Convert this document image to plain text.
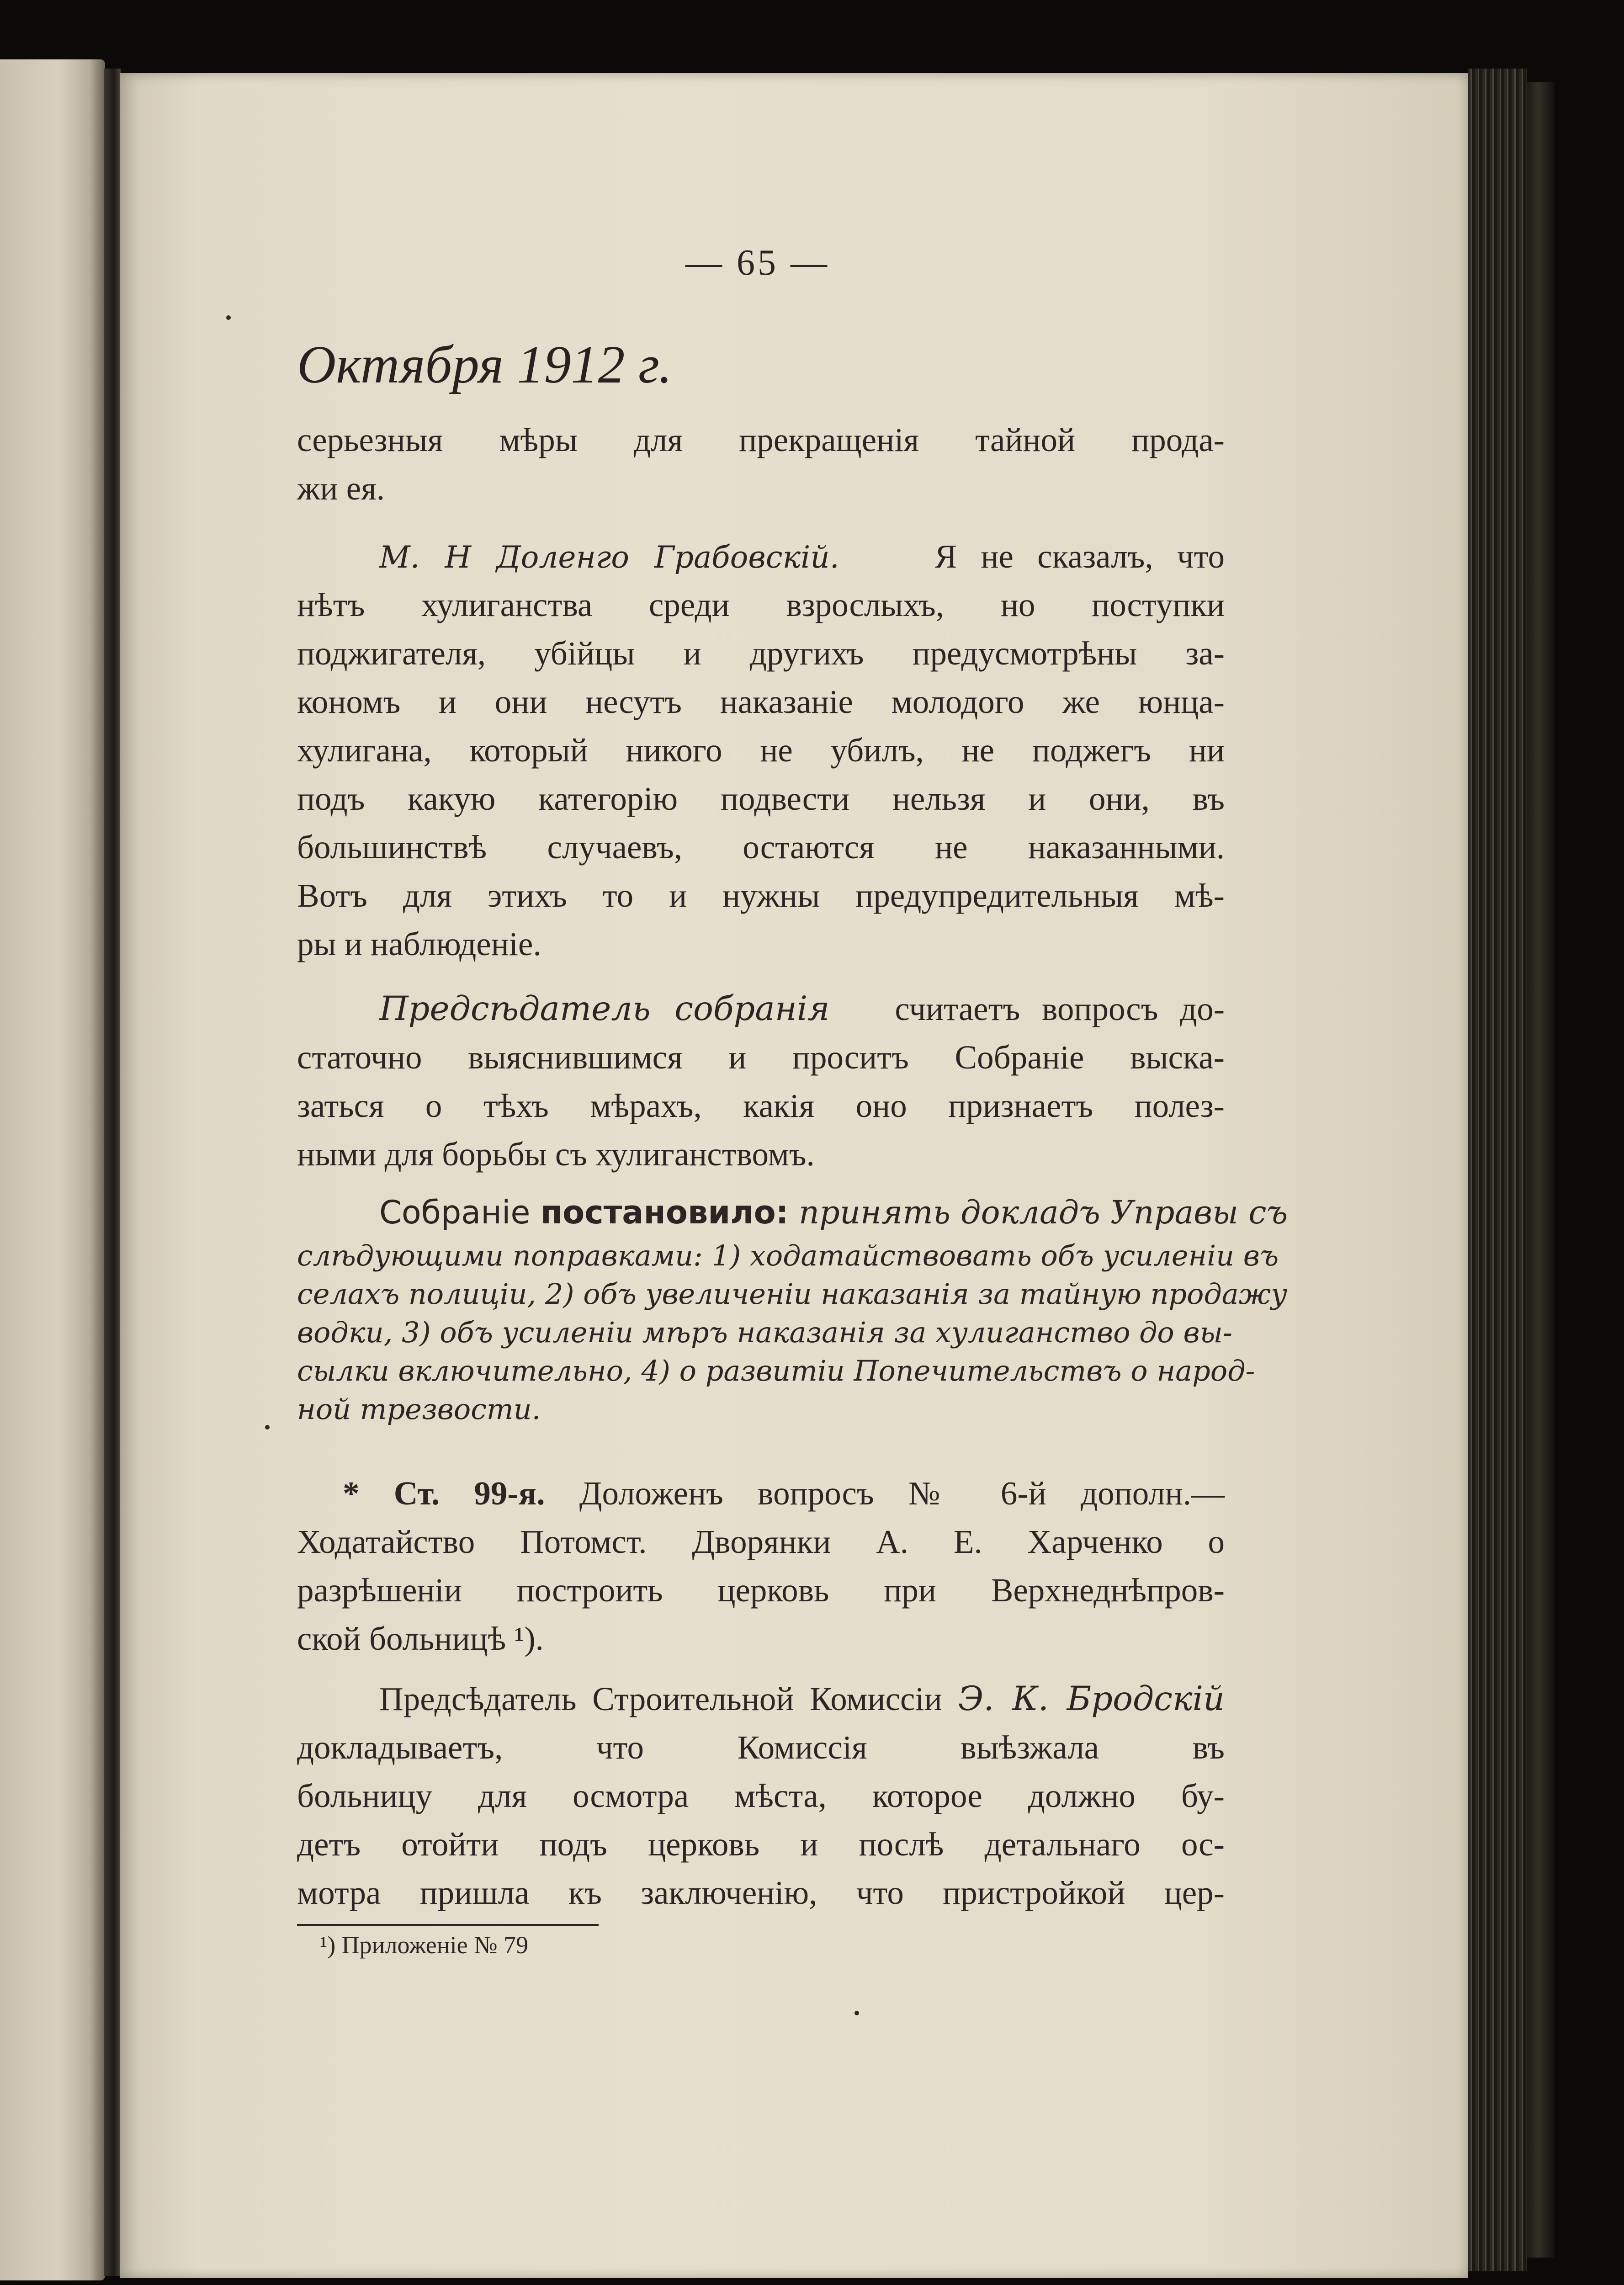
— 65 —
Октября 1912 г.
серьезныя мѣры для прекращенія тайной прода-
жи ея.
М. Н Доленго Грабовскій.	Я не сказалъ, что
нѣтъ хулиганства среди взрослыхъ, но поступки
поджигателя, убійцы и другихъ предусмотрѣны за-
кономъ и они несутъ наказаніе молодого же юнца-
хулигана, который никого не убилъ, не поджегъ ни
подъ какую категорію подвести нельзя и они, въ
большинствѣ случаевъ, остаются не наказанными.
Вотъ для этихъ то и нужны предупредительныя мѣ-
ры и наблюденіе.
Предсѣдатель собранія считаетъ вопросъ до-
статочно выяснившимся и проситъ Собраніе выска-
заться о тѣхъ мѣрахъ, какія оно признаетъ полез-
ными для борьбы съ хулиганствомъ.
Собраніе постановило: принять докладъ Управы съ
слѣдующими поправками: 1) ходатайствовать объ усиленіи въ
селахъ полиціи, 2) объ увеличеніи наказанія за тайную продажу
водки, 3) объ усиленіи мѣръ наказанія за хулиганство до вы-
сылки включительно, 4) о развитіи Попечительствъ о народ-
ной трезвости.
* Ст. 99-я. Доложенъ вопросъ № 6-й дополн.—
Ходатайство Потомст. Дворянки А. Е. Харченко о
разрѣшеніи построить церковь при Верхнеднѣпров-
ской больницѣ ¹).
Предсѣдатель Строительной Комиссіи Э. К. Бродскій
докладываетъ, что Комиссія выѣзжала въ
больницу для осмотра мѣста, которое должно бу-
детъ отойти подъ церковь и послѣ детальнаго ос-
мотра пришла къ заключенію, что пристройкой цер-
¹) Приложеніе № 79
